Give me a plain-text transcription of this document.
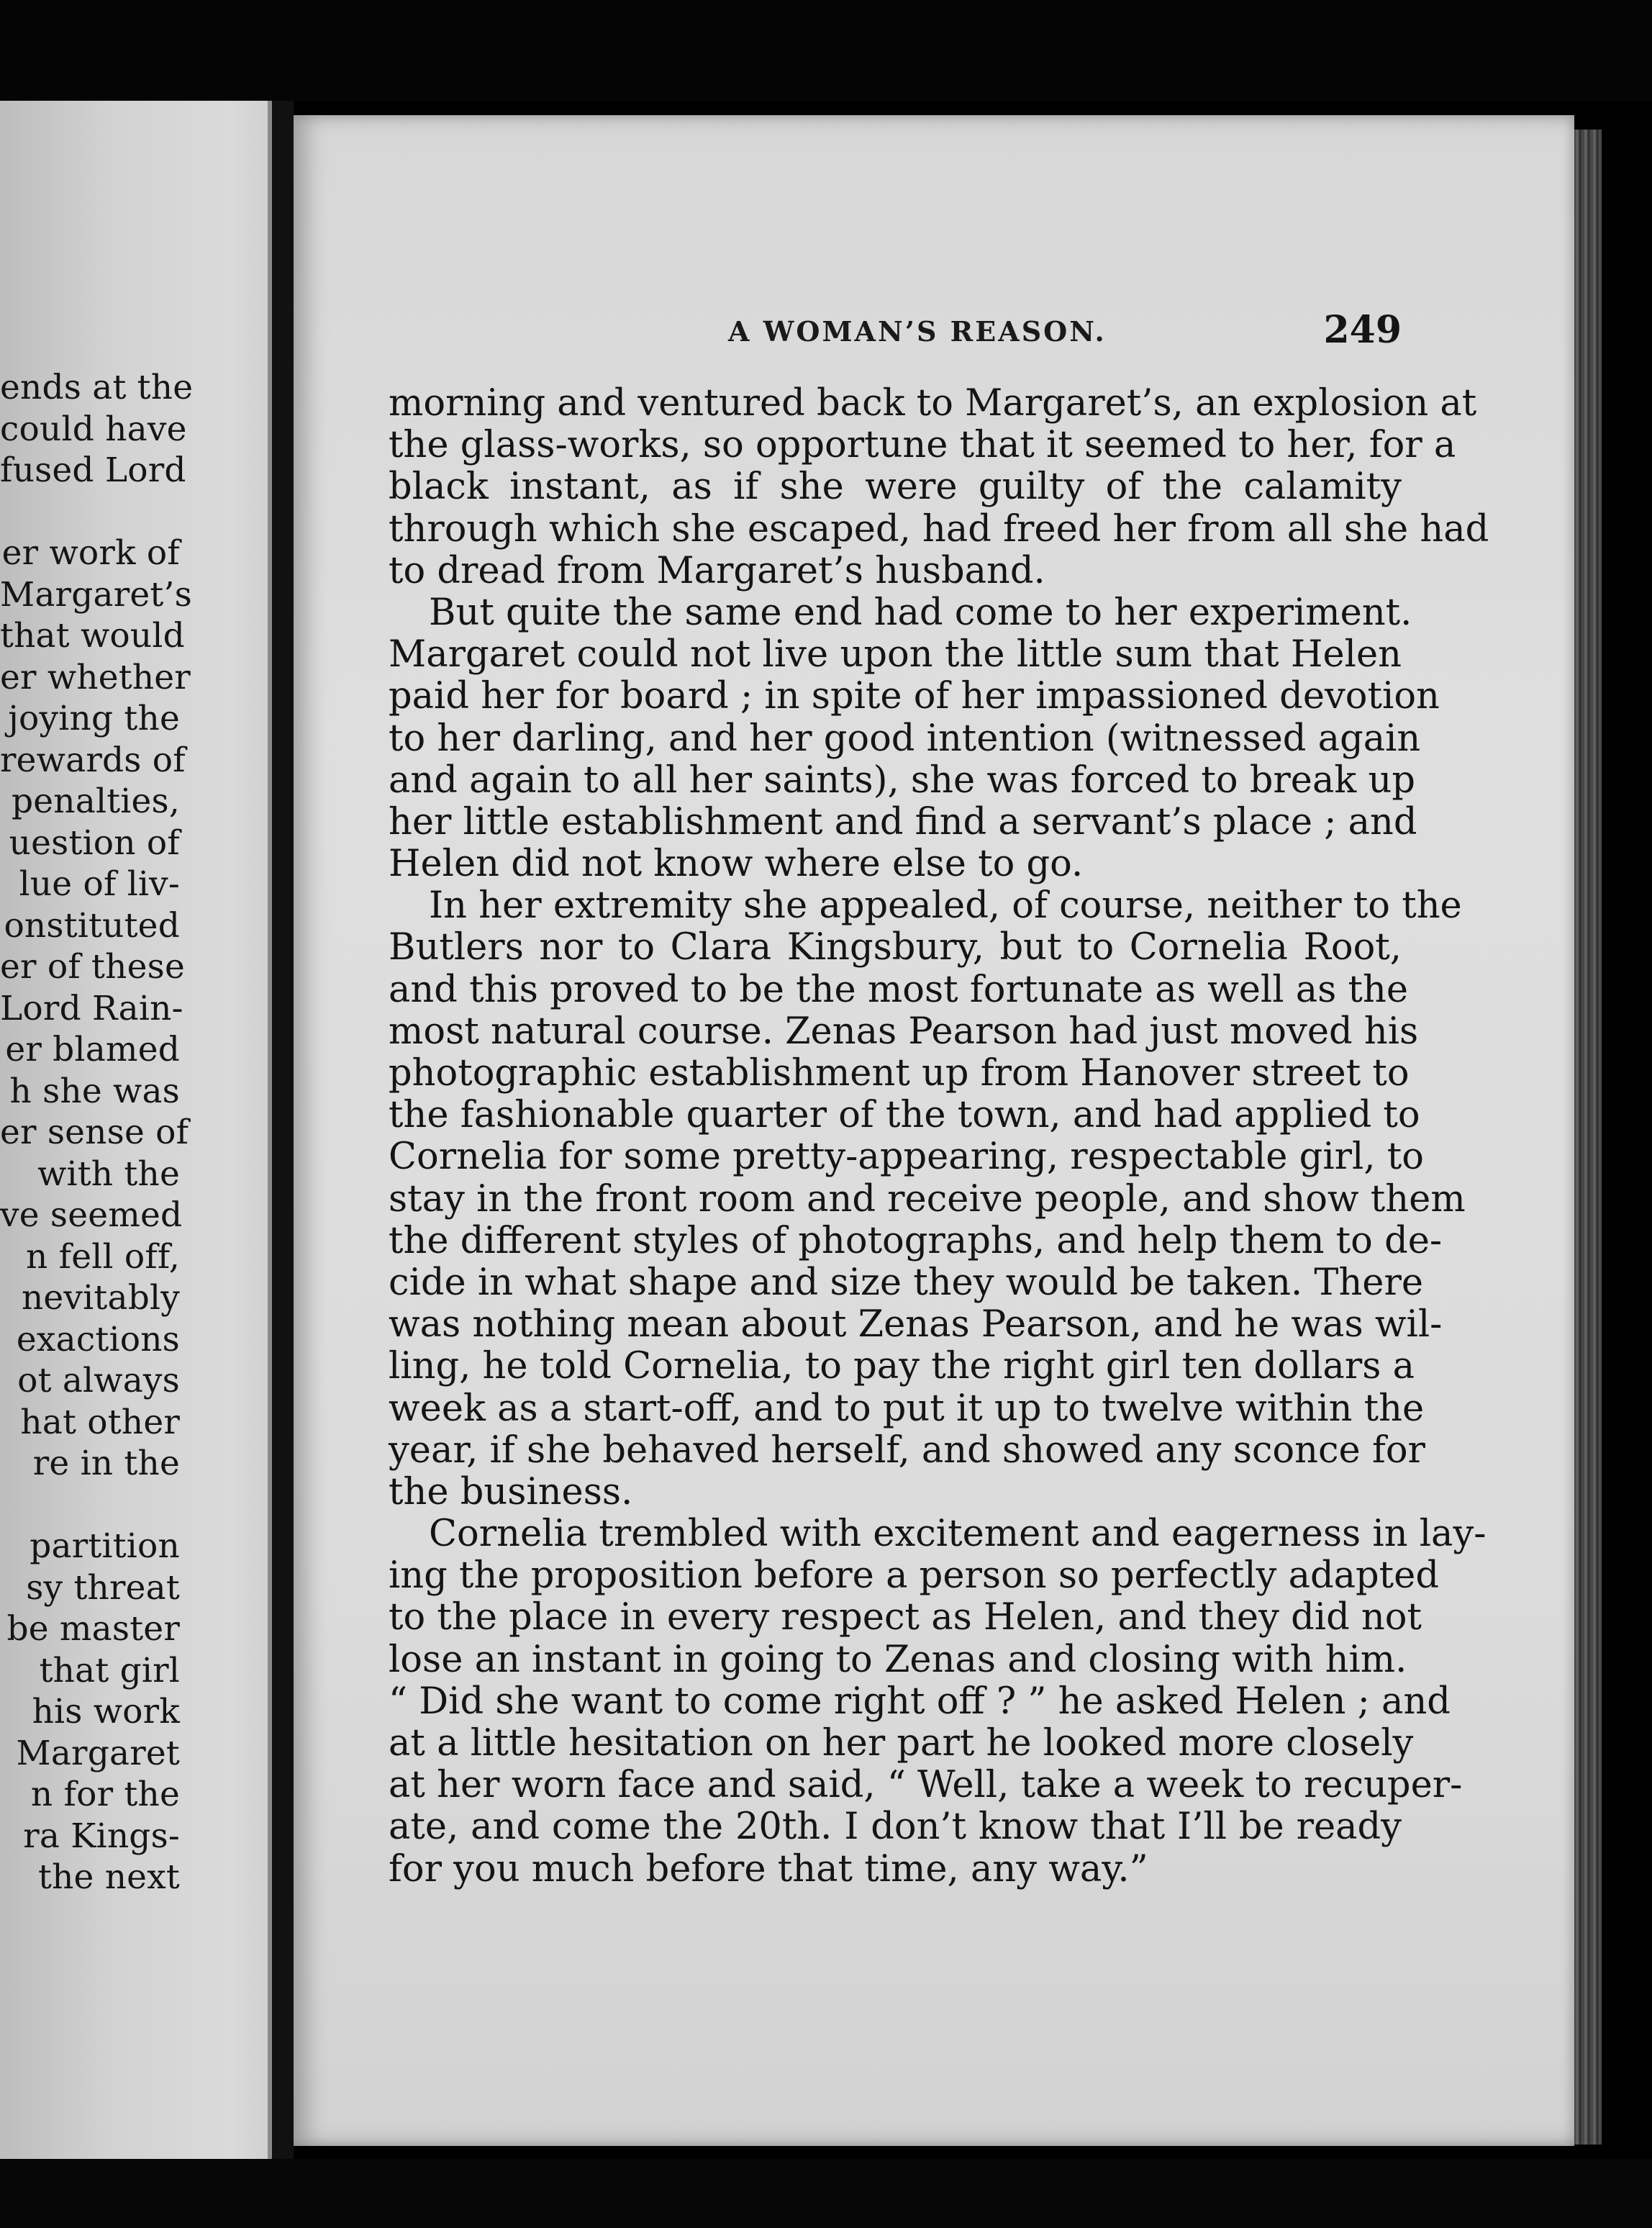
ends at the
could have
fused Lord
er work of
Margaret’s
that would
er whether
joying the
rewards of
penalties,
uestion of
lue of liv-
onstituted
er of these
Lord Rain-
er blamed
h she was
er sense of
with the
ve seemed
n fell off,
nevitably
exactions
ot always
hat other
re in the
partition
sy threat
be master
that girl
his work
Margaret
n for the
ra Kings-
the next
A WOMAN’S REASON.	249
morning and ventured back to Margaret’s, an explosion at
the glass-works, so opportune that it seemed to her, for a
black instant, as if she were guilty of the calamity
through which she escaped, had freed her from all she had
to dread from Margaret’s husband.
But quite the same end had come to her experiment.
Margaret could not live upon the little sum that Helen
paid her for board ; in spite of her impassioned devotion
to her darling, and her good intention (witnessed again
and again to all her saints), she was forced to break up
her little establishment and find a servant’s place ; and
Helen did not know where else to go.
In her extremity she appealed, of course, neither to the
Butlers nor to Clara Kingsbury, but to Cornelia Root,
and this proved to be the most fortunate as well as the
most natural course. Zenas Pearson had just moved his
photographic establishment up from Hanover street to
the fashionable quarter of the town, and had applied to
Cornelia for some pretty-appearing, respectable girl, to
stay in the front room and receive people, and show them
the different styles of photographs, and help them to de-
cide in what shape and size they would be taken. There
was nothing mean about Zenas Pearson, and he was wil-
ling, he told Cornelia, to pay the right girl ten dollars a
week as a start-off, and to put it up to twelve within the
year, if she behaved herself, and showed any sconce for
the business.
Cornelia trembled with excitement and eagerness in lay-
ing the proposition before a person so perfectly adapted
to the place in every respect as Helen, and they did not
lose an instant in going to Zenas and closing with him.
“ Did she want to come right off ? ” he asked Helen ; and
at a little hesitation on her part he looked more closely
at her worn face and said, “ Well, take a week to recuper-
ate, and come the 20th. I don’t know that I’ll be ready
for you much before that time, any way.”
